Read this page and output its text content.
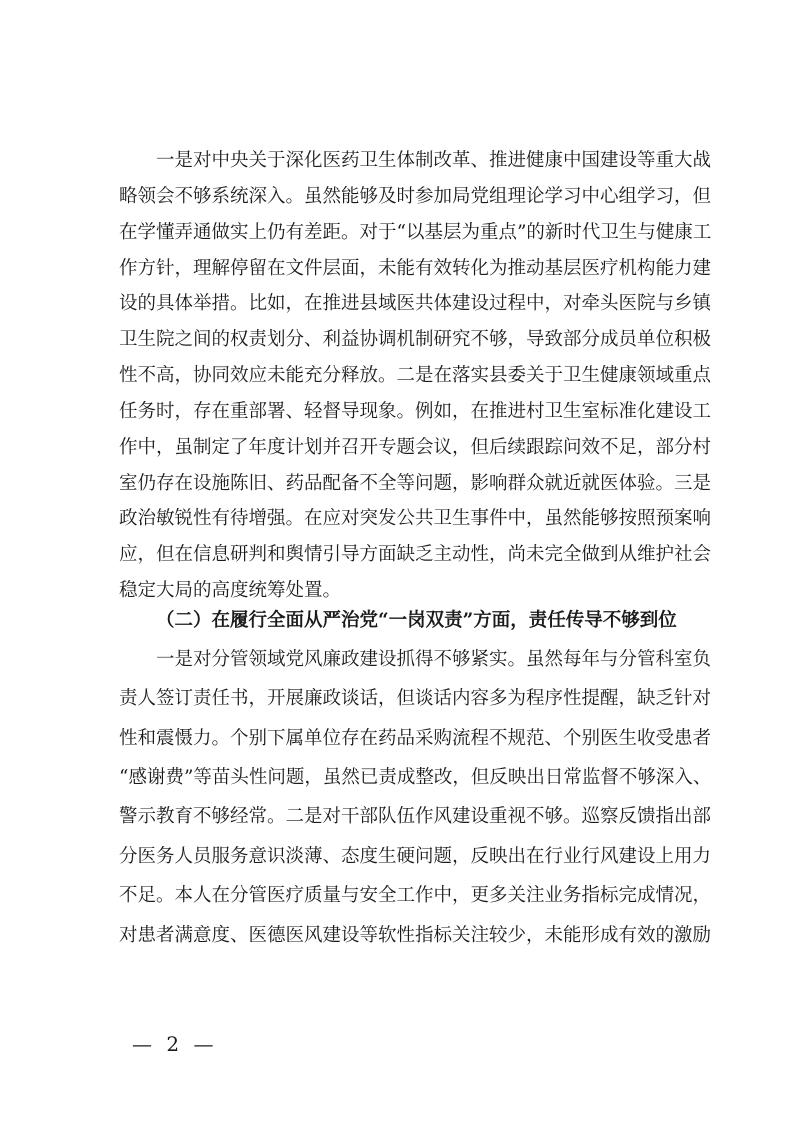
一是对中央关于深化医药卫生体制改革、推进健康中国建设等重大战
略领会不够系统深入。虽然能够及时参加局党组理论学习中心组学习，但
在学懂弄通做实上仍有差距。对于“以基层为重点”的新时代卫生与健康工
作方针，理解停留在文件层面，未能有效转化为推动基层医疗机构能力建
设的具体举措。比如，在推进县域医共体建设过程中，对牵头医院与乡镇
卫生院之间的权责划分、利益协调机制研究不够，导致部分成员单位积极
性不高，协同效应未能充分释放。二是在落实县委关于卫生健康领域重点
任务时，存在重部署、轻督导现象。例如，在推进村卫生室标准化建设工
作中，虽制定了年度计划并召开专题会议，但后续跟踪问效不足，部分村
室仍存在设施陈旧、药品配备不全等问题，影响群众就近就医体验。三是
政治敏锐性有待增强。在应对突发公共卫生事件中，虽然能够按照预案响
应，但在信息研判和舆情引导方面缺乏主动性，尚未完全做到从维护社会
稳定大局的高度统筹处置。
（二）在履行全面从严治党“一岗双责”方面，责任传导不够到位
一是对分管领域党风廉政建设抓得不够紧实。虽然每年与分管科室负
责人签订责任书，开展廉政谈话，但谈话内容多为程序性提醒，缺乏针对
性和震慑力。个别下属单位存在药品采购流程不规范、个别医生收受患者
“感谢费”等苗头性问题，虽然已责成整改，但反映出日常监督不够深入、
警示教育不够经常。二是对干部队伍作风建设重视不够。巡察反馈指出部
分医务人员服务意识淡薄、态度生硬问题，反映出在行业行风建设上用力
不足。本人在分管医疗质量与安全工作中，更多关注业务指标完成情况，
对患者满意度、医德医风建设等软性指标关注较少，未能形成有效的激励
— 2 —
